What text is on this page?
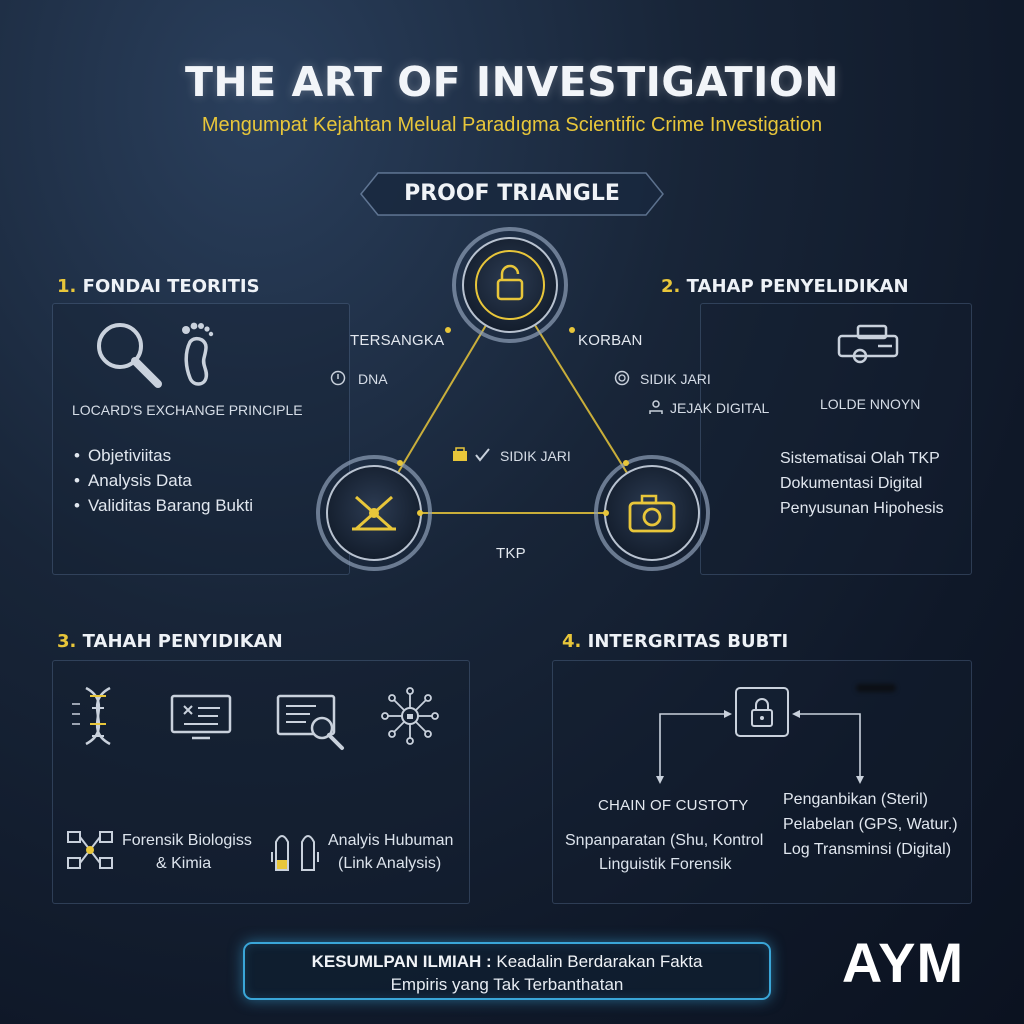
THE ART OF INVESTIGATION
Mengumpat Kejahtan Melual Paradıgma Scientific Crime Investigation
PROOF TRIANGLE
1. FONDAI TEORITIS	2. TAHAP PENYELIDIKAN
3. TAHAH PENYIDIKAN	4. INTERGRITAS BUBTI
LOCARD'S EXCHANGE PRINCIPLE
• Objetiviitas
• Analysis Data
• Validitas Barang Bukti
LOLDE NNOYN
Sistematisai Olah TKP
Dokumentasi Digital
Penyusunan Hipohesis
TERSANGKA	KORBAN
TKP
DNA	SIDIK JARI
JEJAK DIGITAL
SIDIK JARI
Forensik Biologiss
& Kimia
Analyis Hubuman
(Link Analysis)
CHAIN OF CUSTOTY
Snpanparatan (Shu, Kontrol
Linguistik Forensik
Penganbikan (Steril)
Pelabelan (GPS, Watur.)
Log Transminsi (Digital)
KESUMLPAN ILMIAH : Keadalin Berdarakan Fakta
Empiris yang Tak Terbanthatan	AYM
